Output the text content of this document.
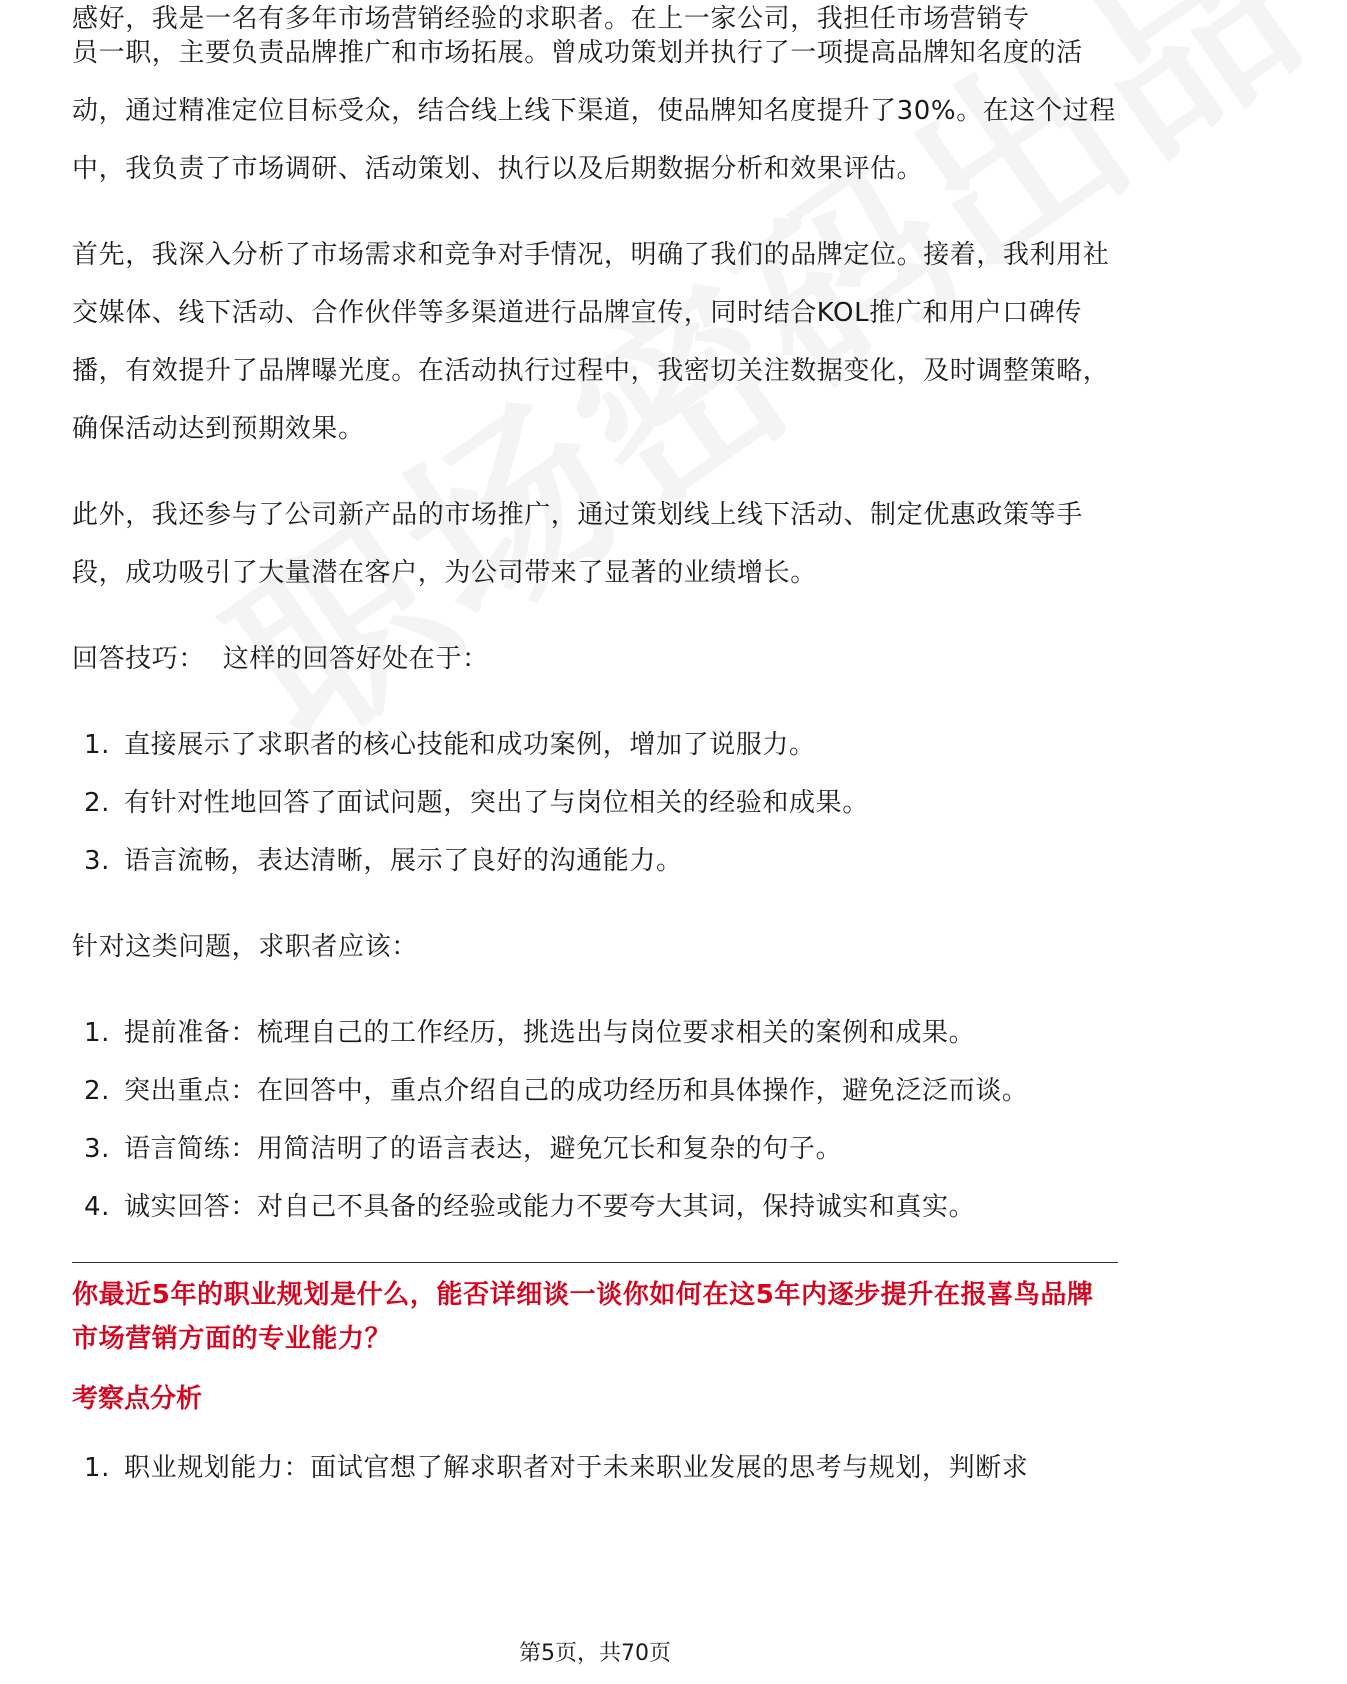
感好，我是一名有多年市场营销经验的求职者。在上一家公司，我担任市场营销专

员一职，主要负责品牌推广和市场拓展。曾成功策划并执行了一项提高品牌知名度的活动，通过精准定位目标受众，结合线上线下渠道，使品牌知名度提升了30%。在这个过程中，我负责了市场调研、活动策划、执行以及后期数据分析和效果评估。

首先，我深入分析了市场需求和竞争对手情况，明确了我们的品牌定位。接着，我利用社交媒体、线下活动、合作伙伴等多渠道进行品牌宣传，同时结合KOL推广和用户口碑传播，有效提升了品牌曝光度。在活动执行过程中，我密切关注数据变化，及时调整策略，确保活动达到预期效果。

此外，我还参与了公司新产品的市场推广，通过策划线上线下活动、制定优惠政策等手段，成功吸引了大量潜在客户，为公司带来了显著的业绩增长。

回答技巧：  这样的回答好处在于：

1. 直接展示了求职者的核心技能和成功案例，增加了说服力。
2. 有针对性地回答了面试问题，突出了与岗位相关的经验和成果。
3. 语言流畅，表达清晰，展示了良好的沟通能力。

针对这类问题，求职者应该：

1. 提前准备：梳理自己的工作经历，挑选出与岗位要求相关的案例和成果。
2. 突出重点：在回答中，重点介绍自己的成功经历和具体操作，避免泛泛而谈。
3. 语言简练：用简洁明了的语言表达，避免冗长和复杂的句子。
4. 诚实回答：对自己不具备的经验或能力不要夸大其词，保持诚实和真实。

你最近5年的职业规划是什么，能否详细谈一谈你如何在这5年内逐步提升在报喜鸟品牌市场营销方面的专业能力？

考察点分析

1. 职业规划能力：面试官想了解求职者对于未来职业发展的思考与规划，判断求
第5页，共70页
